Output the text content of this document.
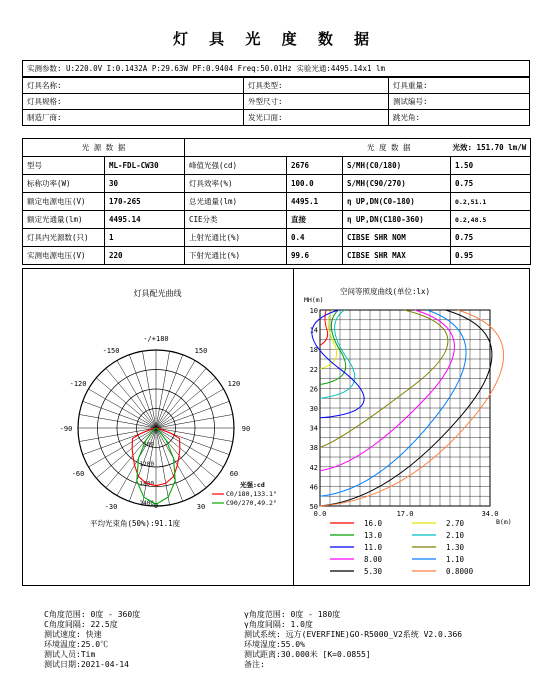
灯 具 光 度 数 据
实测参数: U:220.0V I:0.1432A P:29.63W PF:0.9404 Freq:50.01Hz 实验光通:4495.14x1 lm
灯具名称:	灯具类型:	灯具重量:
灯具规格:	外型尺寸:	测试编号:
制造厂商:	发光口面:	跳光角:
光 源 数 据		光 度 数 据			光效: 151.70 lm/W
型号	ML-FDL-CW30	峰值光强(cd)	2676	S/MH(C0/180)	1.50
标称功率(W)	30	灯具效率(%)	100.0	S/MH(C90/270)	0.75
额定电源电压(V)	170-265	总光通量(lm)	4495.1	η UP,DN(C0-180)	0.2,51.1
额定光通量(lm)	4495.14	CIE分类	直接	η UP,DN(C180-360)	0.2,48.5
灯具内光源数(只)	1	上射光通比(%)	0.4	CIBSE SHR NOM	0.75
实测电源电压(V)	220	下射光通比(%)	99.6	CIBSE SHR MAX	0.95
灯具配光曲线
-/+180
150
-150
120
-120
90
-90
60
-60
30
-30	0
600
1200
1800
2400
光强:cd
C0/180,133.1°
C90/270,49.2°
平均光束角(50%):91.1度
空间等照度曲线(单位:lx)
MH(m)
10
14
18
22
26
30
34
38
42
46
50
0.0	17.0	34.0
B(m)
16.0	2.70
13.0	2.10
11.0	1.30
8.00	1.10
5.30	0.8000
C角度范围: 0度 - 360度
C角度间隔: 22.5度
测试速度: 快速
环境温度:25.0℃
测试人员:Tim
测试日期:2021-04-14
γ角度范围: 0度 - 180度
γ角度间隔: 1.0度
测试系统: 远方(EVERFINE)GO-R5000_V2系统 V2.0.366
环境湿度:55.0%
测试距离:30.000米 [K=0.0855]
备注:
